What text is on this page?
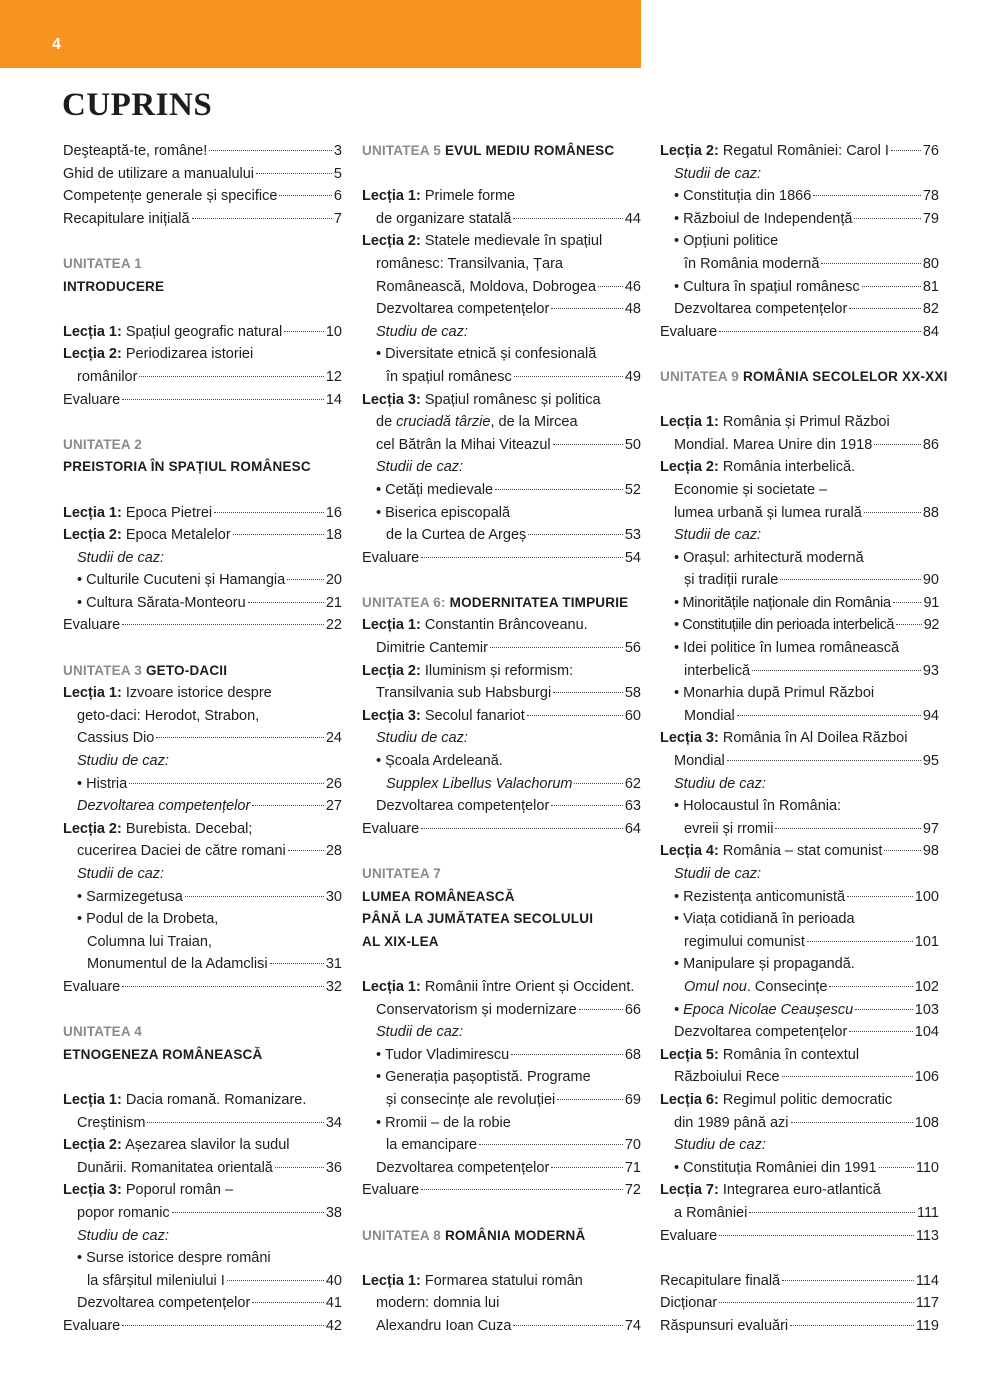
4
CUPRINS
Deşteaptă-te, române!	3
Ghid de utilizare a manualului	5
Competențe generale și specifice	6
Recapitulare inițială	7
UNITATEA 1
INTRODUCERE
Lecția 1: Spațiul geografic natural	10
Lecția 2: Periodizarea istoriei
românilor	12
Evaluare	14
UNITATEA 2
PREISTORIA ÎN SPAȚIUL ROMÂNESC
Lecția 1: Epoca Pietrei	16
Lecția 2: Epoca Metalelor	18
Studii de caz:
• Culturile Cucuteni și Hamangia	20
• Cultura Sărata-Monteoru	21
Evaluare	22
UNITATEA 3 GETO-DACII
Lecția 1: Izvoare istorice despre
geto-daci: Herodot, Strabon,
Cassius Dio	24
Studiu de caz:
• Histria	26
Dezvoltarea competențelor	27
Lecția 2: Burebista. Decebal;
cucerirea Daciei de către romani	28
Studii de caz:
• Sarmizegetusa	30
• Podul de la Drobeta,
Columna lui Traian,
Monumentul de la Adamclisi	31
Evaluare	32
UNITATEA 4
ETNOGENEZA ROMÂNEASCĂ
Lecția 1: Dacia romană. Romanizare.
Creștinism	34
Lecția 2: Așezarea slavilor la sudul
Dunării. Romanitatea orientală	36
Lecția 3: Poporul român –
popor romanic	38
Studiu de caz:
• Surse istorice despre români
la sfârșitul mileniului I	40
Dezvoltarea competențelor	41
Evaluare	42
UNITATEA 5 EVUL MEDIU ROMÂNESC
Lecția 1: Primele forme
de organizare statală	44
Lecția 2: Statele medievale în spațiul
românesc: Transilvania, Țara
Românească, Moldova, Dobrogea 46
Dezvoltarea competențelor	48
Studiu de caz:
• Diversitate etnică și confesională
în spațiul românesc	49
Lecția 3: Spațiul românesc și politica
de cruciadă târzie, de la Mircea
cel Bătrân la Mihai Viteazul	50
Studii de caz:
• Cetăți medievale	52
• Biserica episcopală
de la Curtea de Argeș	53
Evaluare	54
UNITATEA 6: MODERNITATEA TIMPURIE
Lecția 1: Constantin Brâncoveanu.
Dimitrie Cantemir	56
Lecția 2: Iluminism și reformism:
Transilvania sub Habsburgi	58
Lecția 3: Secolul fanariot	60
Studiu de caz:
• Școala Ardeleană.
Supplex Libellus Valachorum	62
Dezvoltarea competențelor	63
Evaluare	64
UNITATEA 7
LUMEA ROMÂNEASCĂ
PÂNĂ LA JUMĂTATEA SECOLULUI
AL XIX-LEA
Lecția 1: Românii între Orient și Occident.
Conservatorism și modernizare	66
Studii de caz:
• Tudor Vladimirescu	68
• Generația pașoptistă. Programe
și consecințe ale revoluției	69
• Rromii – de la robie
la emancipare	70
Dezvoltarea competențelor	71
Evaluare	72
UNITATEA 8 ROMÂNIA MODERNĂ
Lecția 1: Formarea statului român
modern: domnia lui
Alexandru Ioan Cuza	74
Lecția 2: Regatul României: Carol I 76
Studii de caz:
• Constituția din 1866	78
• Războiul de Independență	79
• Opțiuni politice
în România modernă	80
• Cultura în spațiul românesc	81
Dezvoltarea competențelor	82
Evaluare	84
UNITATEA 9 ROMÂNIA SECOLELOR XX-XXI
Lecția 1: România și Primul Război
Mondial. Marea Unire din 1918	86
Lecția 2: România interbelică.
Economie și societate –
lumea urbană și lumea rurală	88
Studii de caz:
• Orașul: arhitectură modernă
și tradiții rurale	90
• Minoritățile naționale din România 91
• Constituțiile din perioada interbelică 92
• Idei politice în lumea românească
interbelică	93
• Monarhia după Primul Război
Mondial	94
Lecția 3: România în Al Doilea Război
Mondial	95
Studiu de caz:
• Holocaustul în România:
evreii și rromii	97
Lecția 4: România – stat comunist	98
Studii de caz:
• Rezistența anticomunistă	100
• Viața cotidiană în perioada
regimului comunist	101
• Manipulare și propagandă.
Omul nou. Consecințe	102
• Epoca Nicolae Ceaușescu	103
Dezvoltarea competențelor	104
Lecția 5: România în contextul
Războiului Rece	106
Lecția 6: Regimul politic democratic
din 1989 până azi	108
Studiu de caz:
• Constituția României din 1991	110
Lecția 7: Integrarea euro-atlantică
a României	111
Evaluare	113
Recapitulare finală	114
Dicționar	117
Răspunsuri evaluări	119
